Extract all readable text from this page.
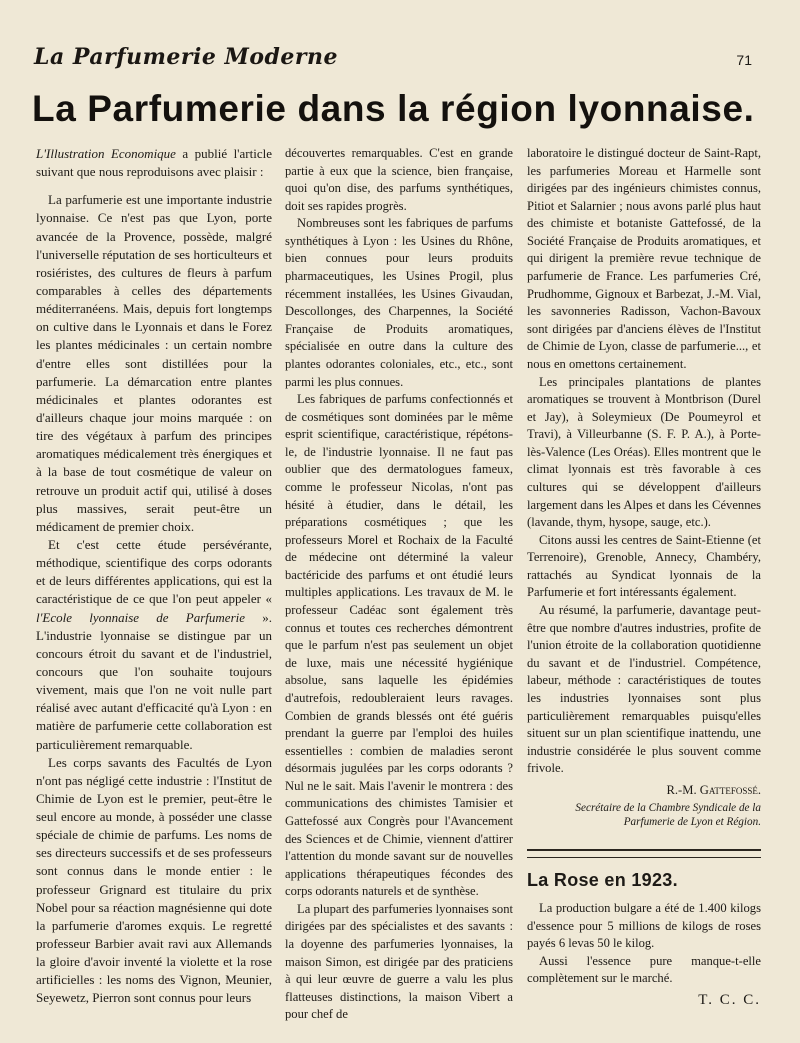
La Parfumerie Moderne	71
La Parfumerie dans la région lyonnaise.

L'Illustration Economique a publié l'article suivant que nous reproduisons avec plaisir :

La parfumerie est une importante industrie lyonnaise. Ce n'est pas que Lyon, porte avancée de la Provence, possède, malgré l'universelle réputation de ses horticulteurs et rosiéristes, des cultures de fleurs à parfum comparables à celles des départements méditerranéens. Mais, depuis fort longtemps on cultive dans le Lyonnais et dans le Forez les plantes médicinales : un certain nombre d'entre elles sont distillées pour la parfumerie. La démarcation entre plantes médicinales et plantes odorantes est d'ailleurs chaque jour moins marquée : on tire des végétaux à parfum des principes aromatiques médicalement très énergiques et à la base de tout cosmétique de valeur on retrouve un produit actif qui, utilisé à doses plus massives, serait peut-être un médicament de premier choix.

Et c'est cette étude persévérante, méthodique, scientifique des corps odorants et de leurs différentes applications, qui est la caractéristique de ce que l'on peut appeler « l'Ecole lyonnaise de Parfumerie ». L'industrie lyonnaise se distingue par un concours étroit du savant et de l'industriel, concours que l'on souhaite toujours vivement, mais que l'on ne voit nulle part réalisé avec autant d'efficacité qu'à Lyon : en matière de parfumerie cette collaboration est particulièrement remarquable.

Les corps savants des Facultés de Lyon n'ont pas négligé cette industrie : l'Institut de Chimie de Lyon est le premier, peut-être le seul encore au monde, à posséder une classe spéciale de chimie de parfums. Les noms de ses directeurs successifs et de ses professeurs sont connus dans le monde entier : le professeur Grignard est titulaire du prix Nobel pour sa réaction magnésienne qui dote la parfumerie d'aromes exquis. Le regretté professeur Barbier avait ravi aux Allemands la gloire d'avoir inventé la violette et la rose artificielles : les noms des Vignon, Meunier, Seyewetz, Pierron sont connus pour leurs

découvertes remarquables. C'est en grande partie à eux que la science, bien française, quoi qu'on dise, des parfums synthétiques, doit ses rapides progrès.

Nombreuses sont les fabriques de parfums synthétiques à Lyon : les Usines du Rhône, bien connues pour leurs produits pharmaceutiques, les Usines Progil, plus récemment installées, les Usines Givaudan, Descollonges, des Charpennes, la Société Française de Produits aromatiques, spécialisée en outre dans la culture des plantes odorantes coloniales, etc., etc., sont parmi les plus connues.

Les fabriques de parfums confectionnés et de cosmétiques sont dominées par le même esprit scientifique, caractéristique, répétons-le, de l'industrie lyonnaise. Il ne faut pas oublier que des dermatologues fameux, comme le professeur Nicolas, n'ont pas hésité à étudier, dans le détail, les préparations cosmétiques ; que les professeurs Morel et Rochaix de la Faculté de médecine ont déterminé la valeur bactéricide des parfums et ont étudié leurs multiples applications. Les travaux de M. le professeur Cadéac sont également très connus et toutes ces recherches démontrent que le parfum n'est pas seulement un objet de luxe, mais une nécessité hygiénique absolue, sans laquelle les épidémies d'autrefois, redoubleraient leurs ravages. Combien de grands blessés ont été guéris prendant la guerre par l'emploi des huiles essentielles : combien de maladies seront désormais jugulées par les corps odorants ? Nul ne le sait. Mais l'avenir le montrera : des communications des chimistes Tamisier et Gattefossé aux Congrès pour l'Avancement des Sciences et de Chimie, viennent d'attirer l'attention du monde savant sur de nouvelles applications thérapeutiques fécondes des corps odorants naturels et de synthèse.

La plupart des parfumeries lyonnaises sont dirigées par des spécialistes et des savants : la doyenne des parfumeries lyonnaises, la maison Simon, est dirigée par des praticiens à qui leur œuvre de guerre a valu les plus flatteuses distinctions, la maison Vibert a pour chef de

laboratoire le distingué docteur de Saint-Rapt, les parfumeries Moreau et Harmelle sont dirigées par des ingénieurs chimistes connus, Pitiot et Salarnier ; nous avons parlé plus haut des chimiste et botaniste Gattefossé, de la Société Française de Produits aromatiques, et qui dirigent la première revue technique de parfumerie de France. Les parfumeries Cré, Prudhomme, Gignoux et Barbezat, J.-M. Vial, les savonneries Radisson, Vachon-Bavoux sont dirigées par d'anciens élèves de l'Institut de Chimie de Lyon, classe de parfumerie..., et nous en omettons certainement.

Les principales plantations de plantes aromatiques se trouvent à Montbrison (Durel et Jay), à Soleymieux (De Poumeyrol et Travi), à Villeurbanne (S. F. P. A.), à Porte-lès-Valence (Les Oréas). Elles montrent que le climat lyonnais est très favorable à ces cultures qui se développent d'ailleurs largement dans les Alpes et dans les Cévennes (lavande, thym, hysope, sauge, etc.).

Citons aussi les centres de Saint-Etienne (et Terrenoire), Grenoble, Annecy, Chambéry, rattachés au Syndicat lyonnais de la Parfumerie et fort intéressants également.

Au résumé, la parfumerie, davantage peut-être que nombre d'autres industries, profite de l'union étroite de la collaboration quotidienne du savant et de l'industriel. Compétence, labeur, méthode : caractéristiques de toutes les industries lyonnaises sont plus particulièrement remarquables puisqu'elles situent sur un plan scientifique inattendu, une industrie considérée le plus souvent comme frivole.

R.-M. Gattefossé.
Secrétaire de la Chambre Syndicale de la Parfumerie de Lyon et Région.
La Rose en 1923.

La production bulgare a été de 1.400 kilogs d'essence pour 5 millions de kilogs de roses payés 6 levas 50 le kilog.

Aussi l'essence pure manque-t-elle complètement sur le marché.

T. C. C.
